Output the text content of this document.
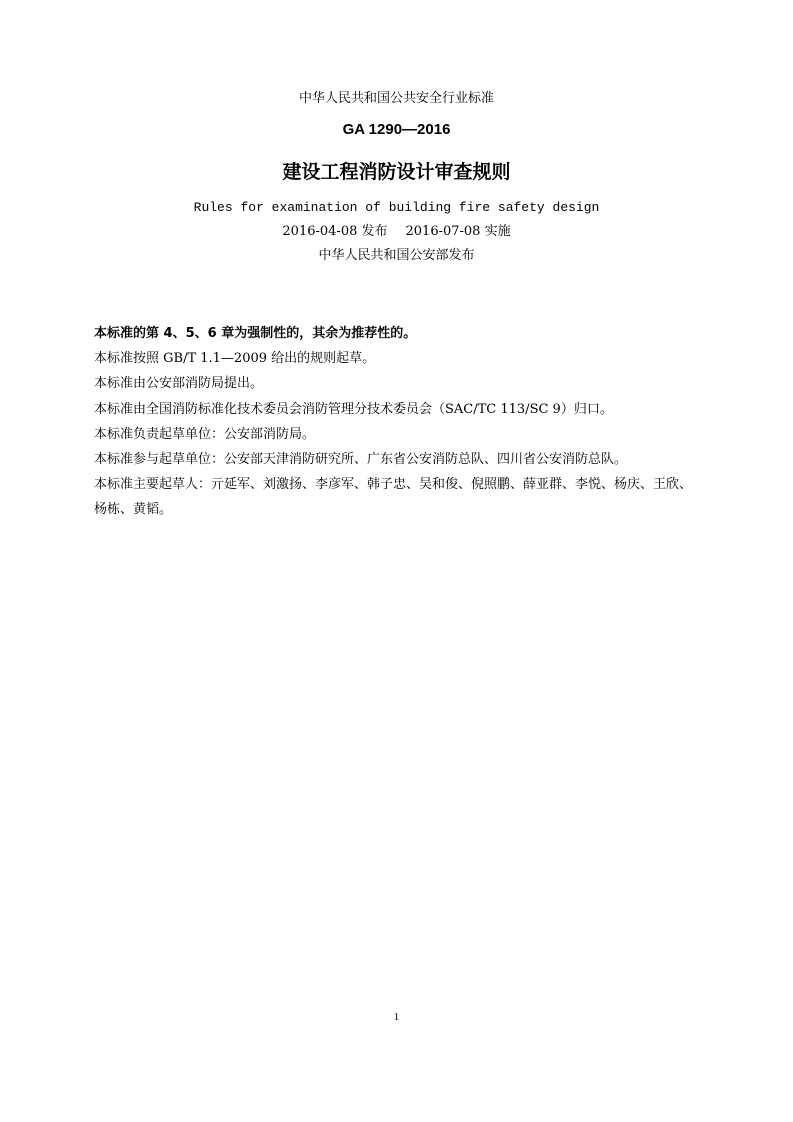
中华人民共和国公共安全行业标准
GA 1290—2016
建设工程消防设计审查规则
Rules for examination of building fire safety design
2016-04-08 发布 2016-07-08 实施
中华人民共和国公安部发布

本标准的第 4、5、6 章为强制性的，其余为推荐性的。

本标准按照 GB/T 1.1—2009 给出的规则起草。

本标准由公安部消防局提出。

本标准由全国消防标准化技术委员会消防管理分技术委员会（SAC/TC 113/SC 9）归口。

本标准负责起草单位：公安部消防局。

本标准参与起草单位：公安部天津消防研究所、广东省公安消防总队、四川省公安消防总队。

本标准主要起草人：亓延军、刘激扬、李彦军、韩子忠、吴和俊、倪照鹏、薛亚群、李悦、杨庆、王欣、杨栋、黄韬。

1
